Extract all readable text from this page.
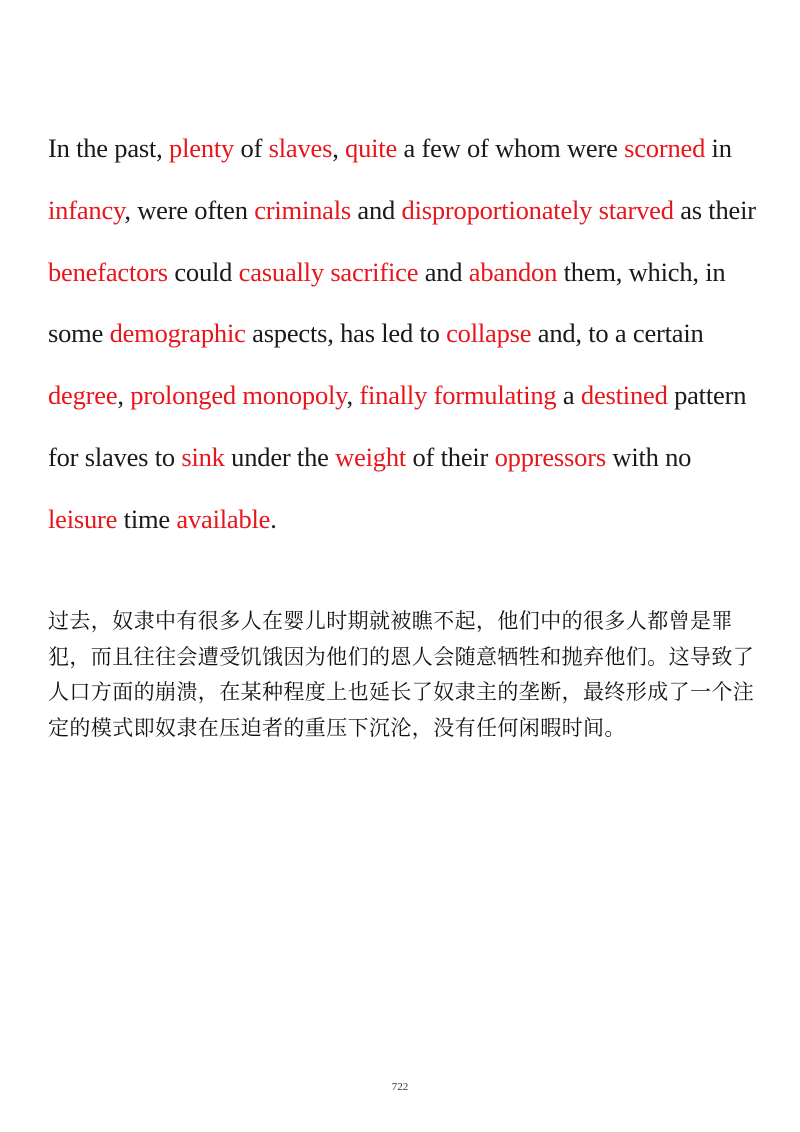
In the past, plenty of slaves, quite a few of whom were scorned in infancy, were often criminals and disproportionately starved as their benefactors could casually sacrifice and abandon them, which, in some demographic aspects, has led to collapse and, to a certain degree, prolonged monopoly, finally formulating a destined pattern for slaves to sink under the weight of their oppressors with no leisure time available.

过去，奴隶中有很多人在婴儿时期就被瞧不起，他们中的很多人都曾是罪犯，而且往往会遭受饥饿因为他们的恩人会随意牺牲和抛弃他们。这导致了人口方面的崩溃，在某种程度上也延长了奴隶主的垄断，最终形成了一个注定的模式即奴隶在压迫者的重压下沉沦，没有任何闲暇时间。

722
